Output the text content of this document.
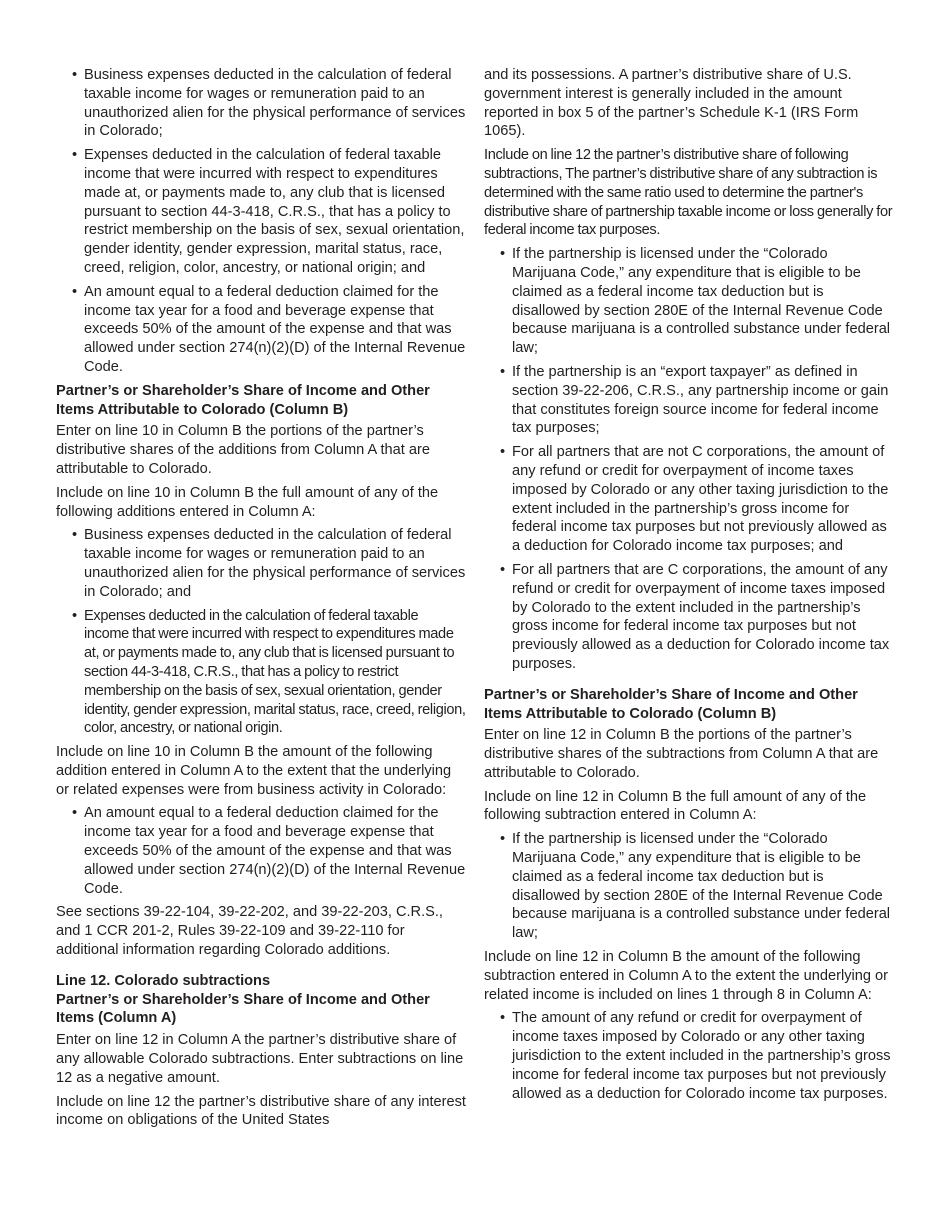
• Business expenses deducted in the calculation of federal taxable income for wages or remuneration paid to an unauthorized alien for the physical performance of services in Colorado;
• Expenses deducted in the calculation of federal taxable income that were incurred with respect to expenditures made at, or payments made to, any club that is licensed pursuant to section 44-3-418, C.R.S., that has a policy to restrict membership on the basis of sex, sexual orientation, gender identity, gender expression, marital status, race, creed, religion, color, ancestry, or national origin; and
• An amount equal to a federal deduction claimed for the income tax year for a food and beverage expense that exceeds 50% of the amount of the expense and that was allowed under section 274(n)(2)(D) of the Internal Revenue Code.
Partner’s or Shareholder’s Share of Income and Other Items Attributable to Colorado (Column B)

Enter on line 10 in Column B the portions of the partner’s distributive shares of the additions from Column A that are attributable to Colorado.

Include on line 10 in Column B the full amount of any of the following additions entered in Column A:

• Business expenses deducted in the calculation of federal taxable income for wages or remuneration paid to an unauthorized alien for the physical performance of services in Colorado; and
• Expenses deducted in the calculation of federal taxable income that were incurred with respect to expenditures made at, or payments made to, any club that is licensed pursuant to section 44-3-418, C.R.S., that has a policy to restrict membership on the basis of sex, sexual orientation, gender identity, gender expression, marital status, race, creed, religion, color, ancestry, or national origin.

Include on line 10 in Column B the amount of the following addition entered in Column A to the extent that the underlying or related expenses were from business activity in Colorado:

• An amount equal to a federal deduction claimed for the income tax year for a food and beverage expense that exceeds 50% of the amount of the expense and that was allowed under section 274(n)(2)(D) of the Internal Revenue Code.

See sections 39-22-104, 39-22-202, and 39-22-203, C.R.S., and 1 CCR 201-2, Rules 39-22-109 and 39-22-110 for additional information regarding Colorado additions.

Line 12. Colorado subtractions
Partner’s or Shareholder’s Share of Income and Other Items (Column A)

Enter on line 12 in Column A the partner’s distributive share of any allowable Colorado subtractions. Enter subtractions on line 12 as a negative amount.

Include on line 12 the partner’s distributive share of any interest income on obligations of the United States

and its possessions. A partner’s distributive share of U.S. government interest is generally included in the amount reported in box 5 of the partner’s Schedule K-1 (IRS Form 1065).

Include on line 12 the partner’s distributive share of following subtractions, The partner’s distributive share of any subtraction is determined with the same ratio used to determine the partner's distributive share of partnership taxable income or loss generally for federal income tax purposes.

• If the partnership is licensed under the “Colorado Marijuana Code,” any expenditure that is eligible to be claimed as a federal income tax deduction but is disallowed by section 280E of the Internal Revenue Code because marijuana is a controlled substance under federal law;
• If the partnership is an “export taxpayer” as defined in section 39-22-206, C.R.S., any partnership income or gain that constitutes foreign source income for federal income tax purposes;
• For all partners that are not C corporations, the amount of any refund or credit for overpayment of income taxes imposed by Colorado or any other taxing jurisdiction to the extent included in the partnership’s gross income for federal income tax purposes but not previously allowed as a deduction for Colorado income tax purposes; and
• For all partners that are C corporations, the amount of any refund or credit for overpayment of income taxes imposed by Colorado to the extent included in the partnership’s gross income for federal income tax purposes but not previously allowed as a deduction for Colorado income tax purposes.
Partner’s or Shareholder’s Share of Income and Other Items Attributable to Colorado (Column B)

Enter on line 12 in Column B the portions of the partner’s distributive shares of the subtractions from Column A that are attributable to Colorado.

Include on line 12 in Column B the full amount of any of the following subtraction entered in Column A:

• If the partnership is licensed under the “Colorado Marijuana Code,” any expenditure that is eligible to be claimed as a federal income tax deduction but is disallowed by section 280E of the Internal Revenue Code because marijuana is a controlled substance under federal law;

Include on line 12 in Column B the amount of the following subtraction entered in Column A to the extent the underlying or related income is included on lines 1 through 8 in Column A:

• The amount of any refund or credit for overpayment of income taxes imposed by Colorado or any other taxing jurisdiction to the extent included in the partnership’s gross income for federal income tax purposes but not previously allowed as a deduction for Colorado income tax purposes.
